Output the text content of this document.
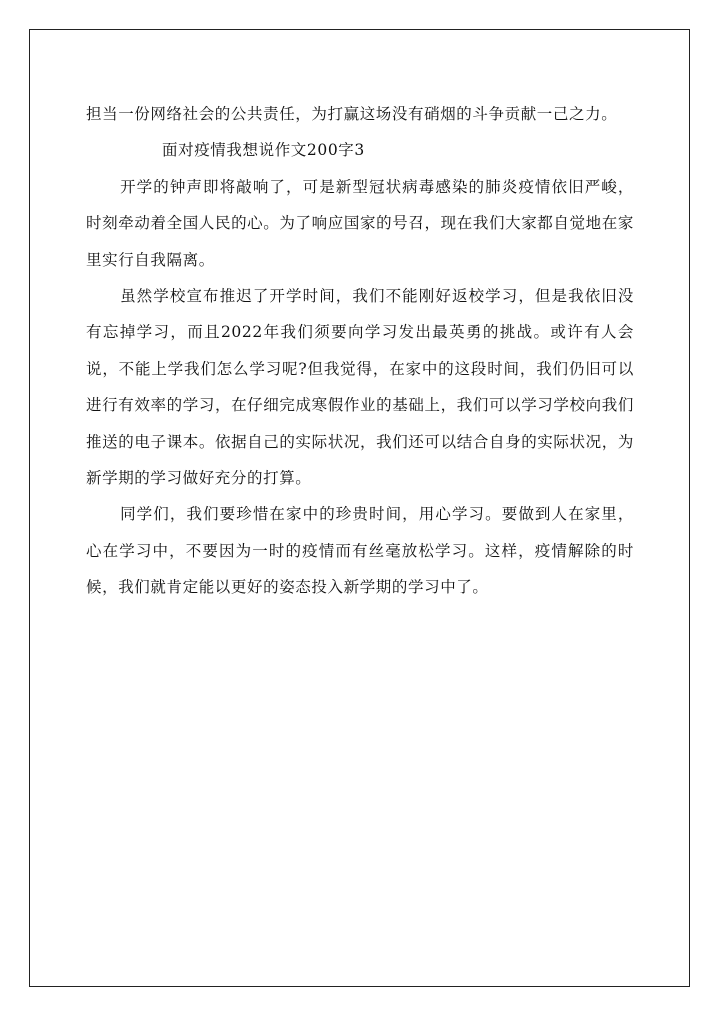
担当一份网络社会的公共责任，为打赢这场没有硝烟的斗争贡献一己之力。

面对疫情我想说作文200字3

开学的钟声即将敲响了，可是新型冠状病毒感染的肺炎疫情依旧严峻，时刻牵动着全国人民的心。为了响应国家的号召，现在我们大家都自觉地在家里实行自我隔离。

虽然学校宣布推迟了开学时间，我们不能刚好返校学习，但是我依旧没有忘掉学习，而且2022年我们须要向学习发出最英勇的挑战。或许有人会说，不能上学我们怎么学习呢?但我觉得，在家中的这段时间，我们仍旧可以进行有效率的学习，在仔细完成寒假作业的基础上，我们可以学习学校向我们推送的电子课本。依据自己的实际状况，我们还可以结合自身的实际状况，为新学期的学习做好充分的打算。

同学们，我们要珍惜在家中的珍贵时间，用心学习。要做到人在家里，心在学习中，不要因为一时的疫情而有丝毫放松学习。这样，疫情解除的时候，我们就肯定能以更好的姿态投入新学期的学习中了。
